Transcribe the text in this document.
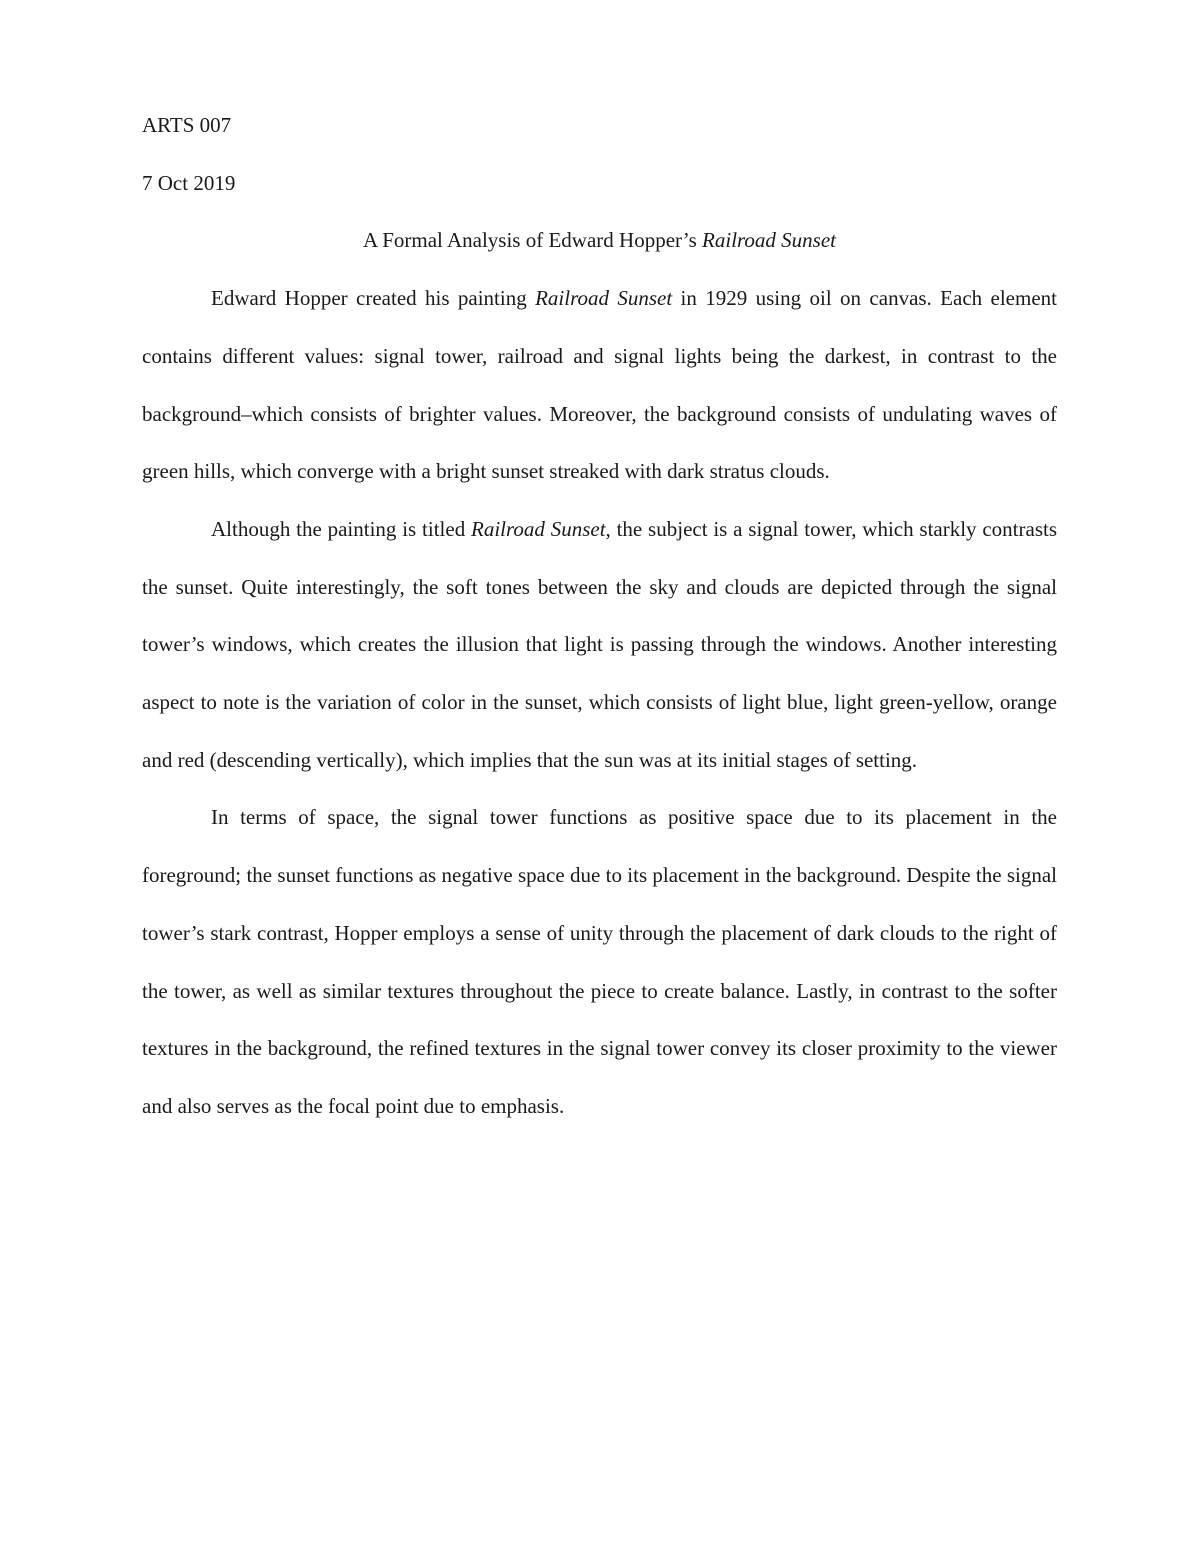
ARTS 007
7 Oct 2019
A Formal Analysis of Edward Hopper’s Railroad Sunset

Edward Hopper created his painting Railroad Sunset in 1929 using oil on canvas. Each element contains different values: signal tower, railroad and signal lights being the darkest, in contrast to the background–which consists of brighter values. Moreover, the background consists of undulating waves of green hills, which converge with a bright sunset streaked with dark stratus clouds.

Although the painting is titled Railroad Sunset, the subject is a signal tower, which starkly contrasts the sunset. Quite interestingly, the soft tones between the sky and clouds are depicted through the signal tower’s windows, which creates the illusion that light is passing through the windows. Another interesting aspect to note is the variation of color in the sunset, which consists of light blue, light green-yellow, orange and red (descending vertically), which implies that the sun was at its initial stages of setting.

In terms of space, the signal tower functions as positive space due to its placement in the foreground; the sunset functions as negative space due to its placement in the background. Despite the signal tower’s stark contrast, Hopper employs a sense of unity through the placement of dark clouds to the right of the tower, as well as similar textures throughout the piece to create balance. Lastly, in contrast to the softer textures in the background, the refined textures in the signal tower convey its closer proximity to the viewer and also serves as the focal point due to emphasis.
